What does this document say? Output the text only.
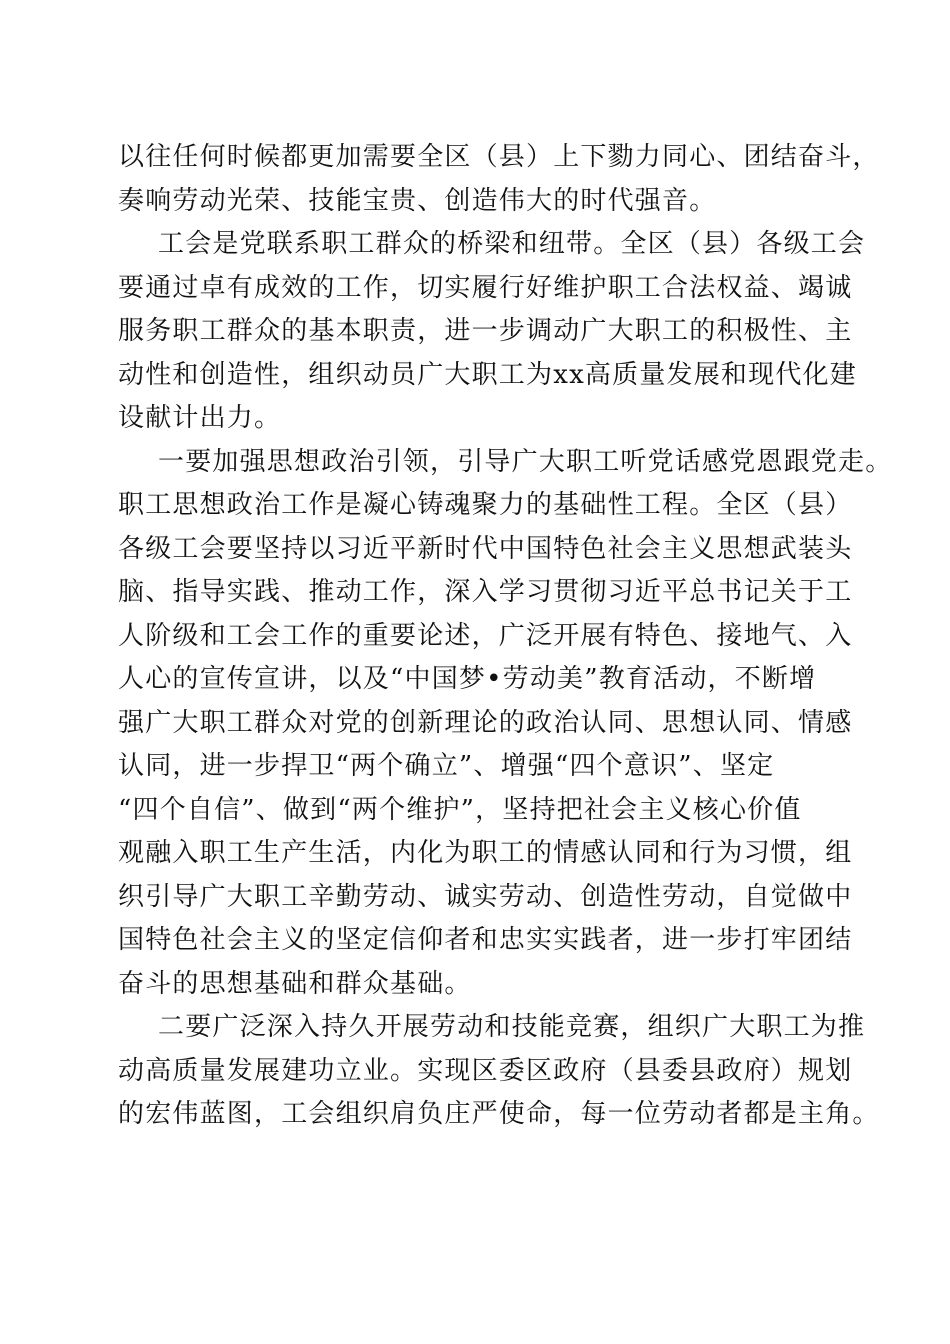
以往任何时候都更加需要全区（县）上下勠力同心、团结奋斗，
奏响劳动光荣、技能宝贵、创造伟大的时代强音。
工会是党联系职工群众的桥梁和纽带。全区（县）各级工会
要通过卓有成效的工作，切实履行好维护职工合法权益、竭诚
服务职工群众的基本职责，进一步调动广大职工的积极性、主
动性和创造性，组织动员广大职工为xx高质量发展和现代化建
设献计出力。
一要加强思想政治引领，引导广大职工听党话感党恩跟党走。
职工思想政治工作是凝心铸魂聚力的基础性工程。全区（县）
各级工会要坚持以习近平新时代中国特色社会主义思想武装头
脑、指导实践、推动工作，深入学习贯彻习近平总书记关于工
人阶级和工会工作的重要论述，广泛开展有特色、接地气、入
人心的宣传宣讲，以及“中国梦•劳动美”教育活动，不断增
强广大职工群众对党的创新理论的政治认同、思想认同、情感
认同，进一步捍卫“两个确立”、增强“四个意识”、坚定
“四个自信”、做到“两个维护”，坚持把社会主义核心价值
观融入职工生产生活，内化为职工的情感认同和行为习惯，组
织引导广大职工辛勤劳动、诚实劳动、创造性劳动，自觉做中
国特色社会主义的坚定信仰者和忠实实践者，进一步打牢团结
奋斗的思想基础和群众基础。
二要广泛深入持久开展劳动和技能竞赛，组织广大职工为推
动高质量发展建功立业。实现区委区政府（县委县政府）规划
的宏伟蓝图，工会组织肩负庄严使命，每一位劳动者都是主角。
